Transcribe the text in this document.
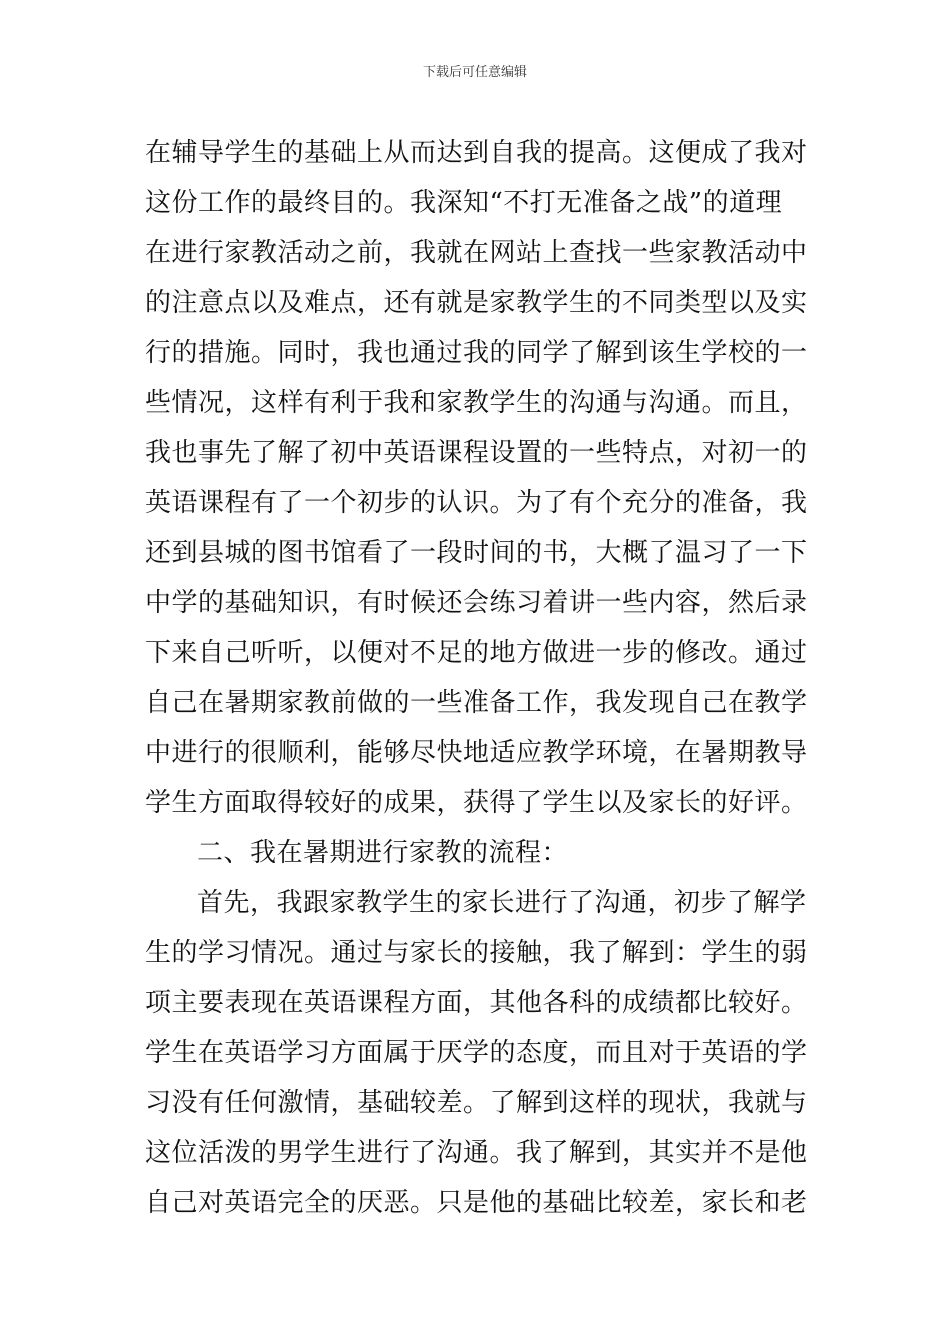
下载后可任意编辑
在辅导学生的基础上从而达到自我的提高。这便成了我对
这份工作的最终目的。我深知“不打无准备之战”的道理
在进行家教活动之前，我就在网站上查找一些家教活动中
的注意点以及难点，还有就是家教学生的不同类型以及实
行的措施。同时，我也通过我的同学了解到该生学校的一
些情况，这样有利于我和家教学生的沟通与沟通。而且，
我也事先了解了初中英语课程设置的一些特点，对初一的
英语课程有了一个初步的认识。为了有个充分的准备，我
还到县城的图书馆看了一段时间的书，大概了温习了一下
中学的基础知识，有时候还会练习着讲一些内容，然后录
下来自己听听，以便对不足的地方做进一步的修改。通过
自己在暑期家教前做的一些准备工作，我发现自己在教学
中进行的很顺利，能够尽快地适应教学环境，在暑期教导
学生方面取得较好的成果，获得了学生以及家长的好评。
二、我在暑期进行家教的流程：
首先，我跟家教学生的家长进行了沟通，初步了解学
生的学习情况。通过与家长的接触，我了解到：学生的弱
项主要表现在英语课程方面，其他各科的成绩都比较好。
学生在英语学习方面属于厌学的态度，而且对于英语的学
习没有任何激情，基础较差。了解到这样的现状，我就与
这位活泼的男学生进行了沟通。我了解到，其实并不是他
自己对英语完全的厌恶。只是他的基础比较差，家长和老
